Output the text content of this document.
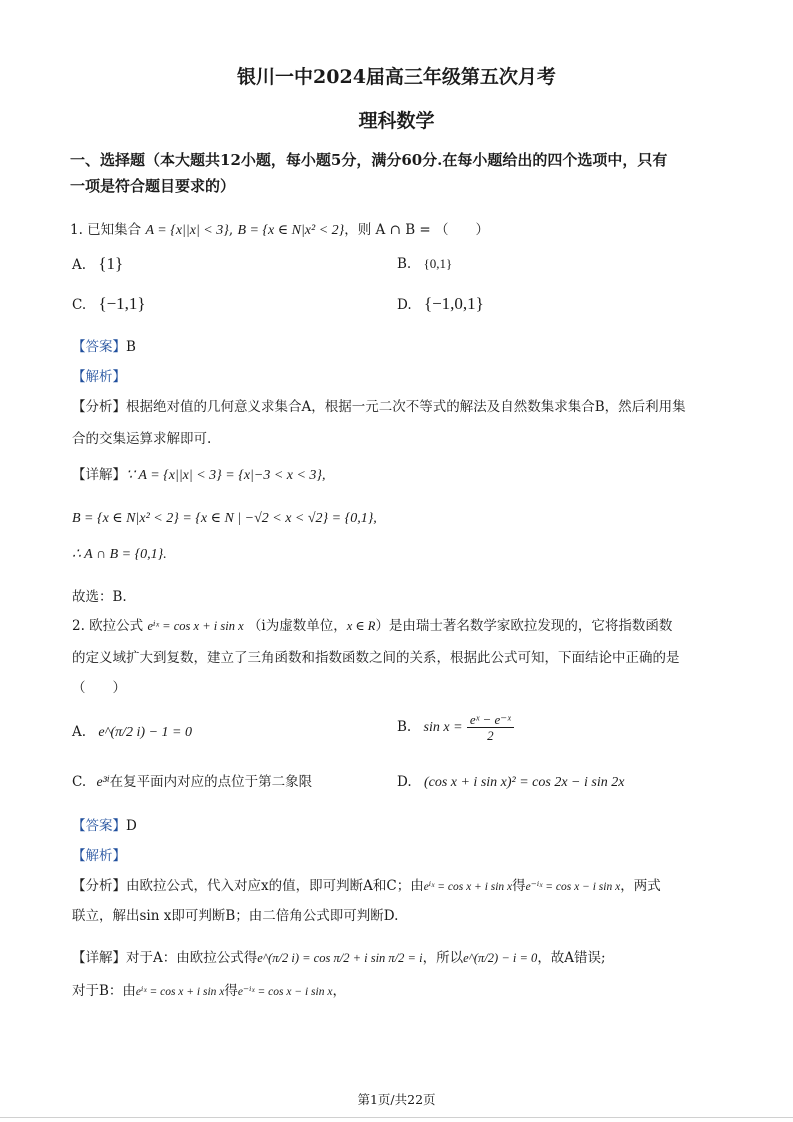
银川一中2024届高三年级第五次月考
理科数学
一、选择题（本大题共12小题，每小题5分，满分60分.在每小题给出的四个选项中，只有
一项是符合题目要求的）
1. 已知集合 A = {x||x| < 3}, B = {x ∈ N|x² < 2}，则 A ∩ B = （　　）
A. {1}	B. {0,1}
C. {−1,1}	D. {−1,0,1}
【答案】B
【解析】
【分析】根据绝对值的几何意义求集合A，根据一元二次不等式的解法及自然数集求集合B，然后利用集
合的交集运算求解即可.
【详解】∵ A = {x||x| < 3} = {x|−3 < x < 3},
B = {x ∈ N|x² < 2} = {x ∈ N | −√2 < x < √2} = {0,1},
∴ A ∩ B = {0,1}.
故选：B.
2. 欧拉公式 eⁱˣ = cos x + i sin x （i为虚数单位，x ∈ R）是由瑞士著名数学家欧拉发现的，它将指数函数
的定义域扩大到复数，建立了三角函数和指数函数之间的关系，根据此公式可知，下面结论中正确的是
（　　）
A. e^(π/2 i) − 1 = 0	B. $\sin x = \frac{\text{eˣ − e⁻ˣ}}{2}$
C. e³ⁱ在复平面内对应的点位于第二象限	D. (cos x + i sin x)² = cos 2x − i sin 2x
【答案】D
【解析】
【分析】由欧拉公式，代入对应x的值，即可判断A和C；由eⁱˣ = cos x + i sin x得e⁻ⁱˣ = cos x − i sin x，两式
联立，解出sin x即可判断B；由二倍角公式即可判断D.
【详解】对于A：由欧拉公式得e^(π/2 i) = cos π/2 + i sin π/2 = i，所以e^(π/2) − i = 0，故A错误;
对于B：由eⁱˣ = cos x + i sin x得e⁻ⁱˣ = cos x − i sin x，
第1页/共22页
